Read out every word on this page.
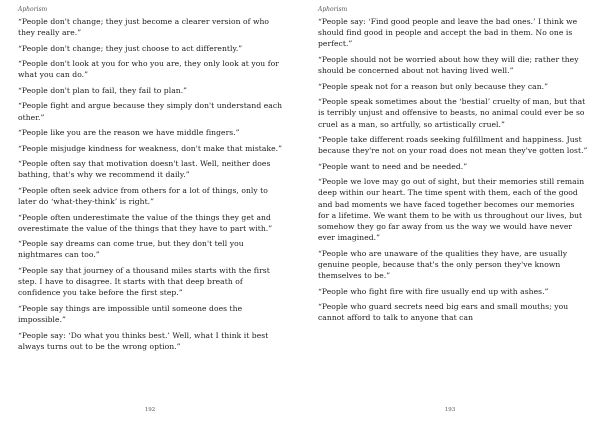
Aphorism
“People don't change; they just become a clearer version of who they really are.”
“People don't change; they just choose to act differently.”
“People don't look at you for who you are, they only look at you for what you can do.”
“People don't plan to fail, they fail to plan.”
“People fight and argue because they simply don't understand each other.”
“People like you are the reason we have middle fingers.”
“People misjudge kindness for weakness, don't make that mistake.”
“People often say that motivation doesn't last. Well, neither does bathing, that's why we recommend it daily.”
“People often seek advice from others for a lot of things, only to later do ‘what-they-think’ is right.”
“People often underestimate the value of the things they get and overestimate the value of the things that they have to part with.”
“People say dreams can come true, but they don't tell you nightmares can too.”
“People say that journey of a thousand miles starts with the first step. I have to disagree. It starts with that deep breath of confidence you take before the first step.”
“People say things are impossible until someone does the impossible.”
“People say: ‘Do what you thinks best.’ Well, what I think it best always turns out to be the wrong option.”
192
Aphorism
“People say: ‘Find good people and leave the bad ones.’ I think we should find good in people and accept the bad in them. No one is perfect.”
“People should not be worried about how they will die; rather they should be concerned about not having lived well.”
“People speak not for a reason but only because they can.”
“People speak sometimes about the ‘bestial’ cruelty of man, but that is terribly unjust and offensive to beasts, no animal could ever be so cruel as a man, so artfully, so artistically cruel.”
“People take different roads seeking fulfillment and happiness. Just because they're not on your road does not mean they've gotten lost.”
“People want to need and be needed.”
“People we love may go out of sight, but their memories still remain deep within our heart. The time spent with them, each of the good and bad moments we have faced together becomes our memories for a lifetime. We want them to be with us throughout our lives, but somehow they go far away from us the way we would have never ever imagined.”
“People who are unaware of the qualities they have, are usually genuine people, because that's the only person they've known themselves to be.”
“People who fight fire with fire usually end up with ashes.”
“People who guard secrets need big ears and small mouths; you cannot afford to talk to anyone that can
193
